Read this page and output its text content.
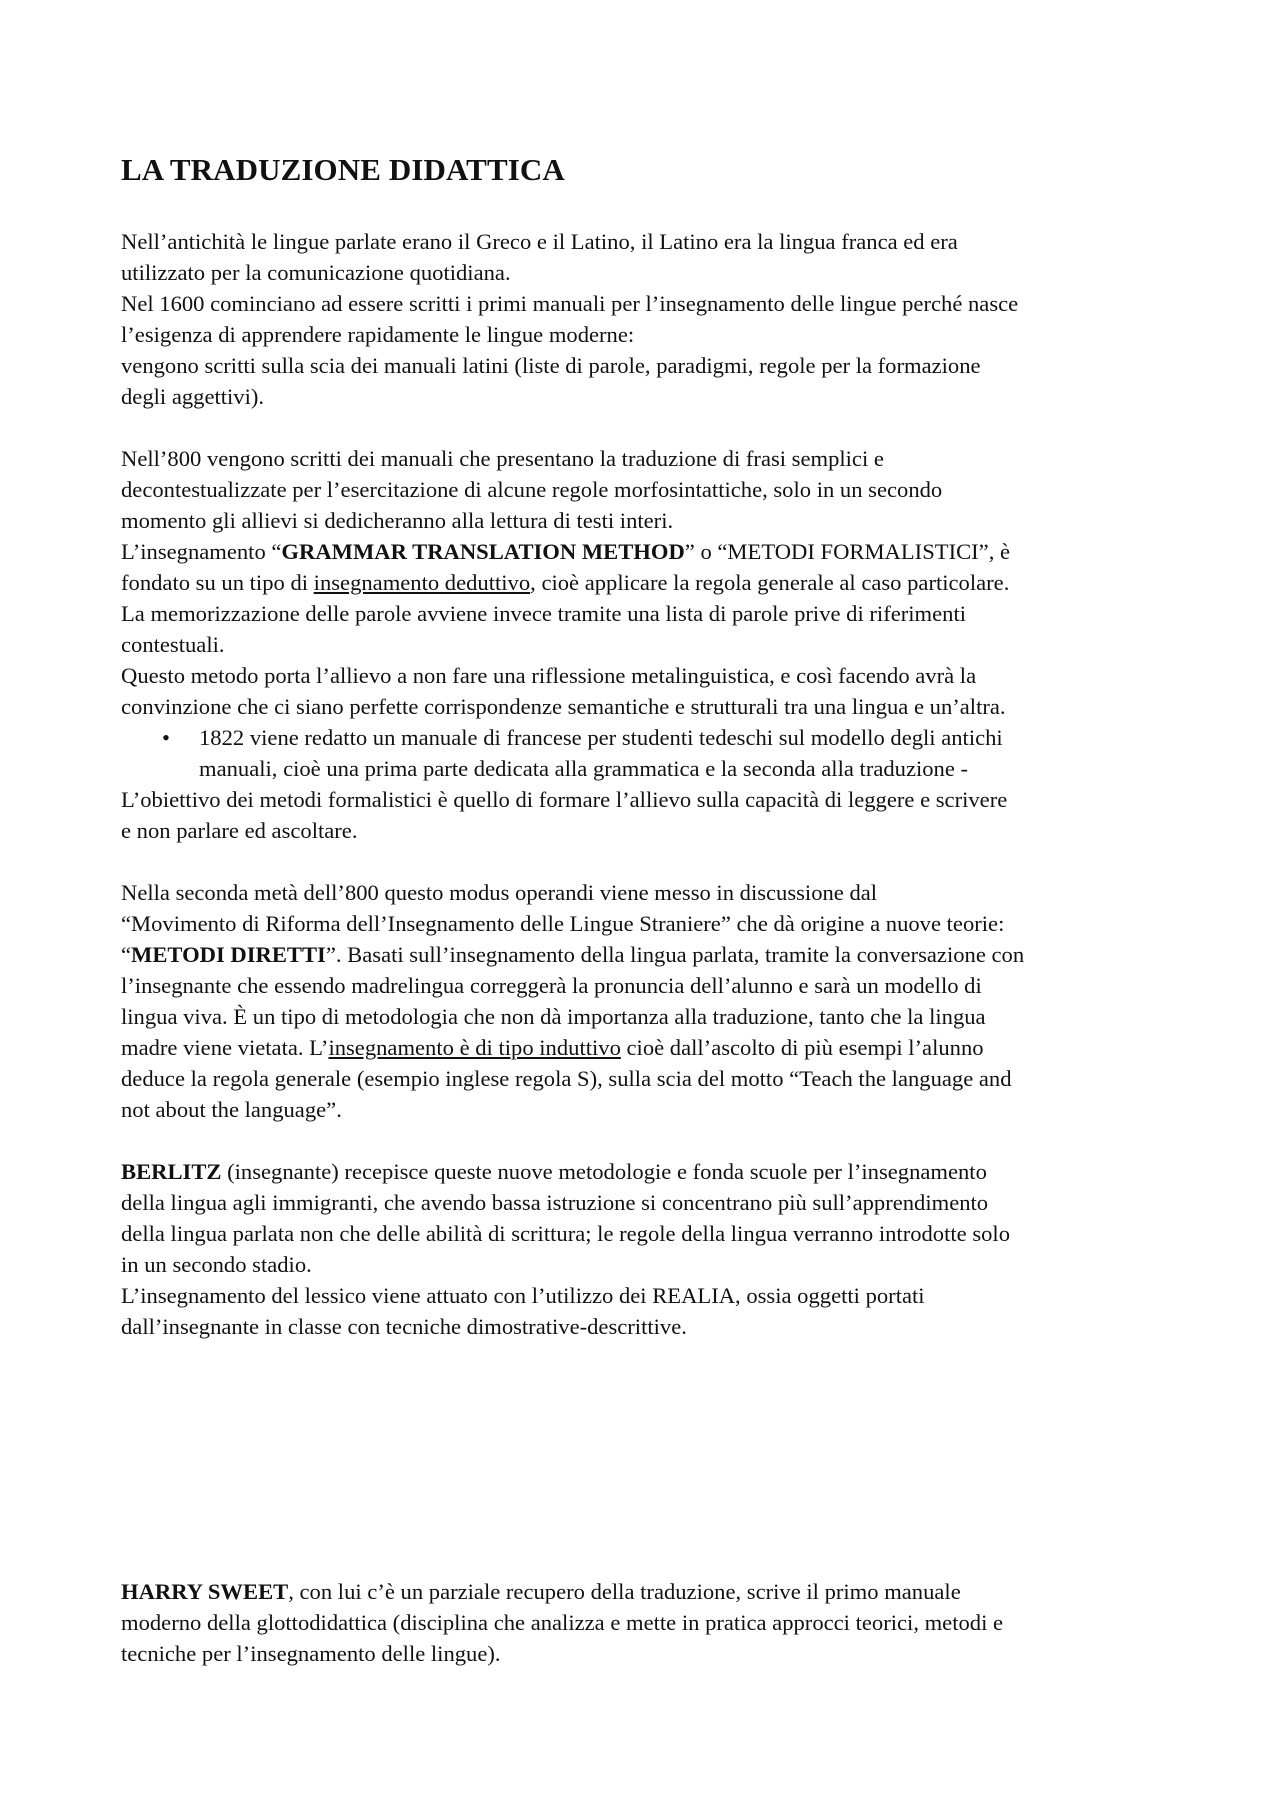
LA TRADUZIONE DIDATTICA
Nell’antichità le lingue parlate erano il Greco e il Latino, il Latino era la lingua franca ed era
utilizzato per la comunicazione quotidiana.
Nel 1600 cominciano ad essere scritti i primi manuali per l’insegnamento delle lingue perché nasce
l’esigenza di apprendere rapidamente le lingue moderne:
vengono scritti sulla scia dei manuali latini (liste di parole, paradigmi, regole per la formazione
degli aggettivi).
Nell’800 vengono scritti dei manuali che presentano la traduzione di frasi semplici e
decontestualizzate per l’esercitazione di alcune regole morfosintattiche, solo in un secondo
momento gli allievi si dedicheranno alla lettura di testi interi.
L’insegnamento “GRAMMAR TRANSLATION METHOD” o “METODI FORMALISTICI”, è
fondato su un tipo di insegnamento deduttivo, cioè applicare la regola generale al caso particolare.
La memorizzazione delle parole avviene invece tramite una lista di parole prive di riferimenti
contestuali.
Questo metodo porta l’allievo a non fare una riflessione metalinguistica, e così facendo avrà la
convinzione che ci siano perfette corrispondenze semantiche e strutturali tra una lingua e un’altra.
• 1822 viene redatto un manuale di francese per studenti tedeschi sul modello degli antichi
manuali, cioè una prima parte dedicata alla grammatica e la seconda alla traduzione -
L’obiettivo dei metodi formalistici è quello di formare l’allievo sulla capacità di leggere e scrivere
e non parlare ed ascoltare.
Nella seconda metà dell’800 questo modus operandi viene messo in discussione dal
“Movimento di Riforma dell’Insegnamento delle Lingue Straniere” che dà origine a nuove teorie:
“METODI DIRETTI”. Basati sull’insegnamento della lingua parlata, tramite la conversazione con
l’insegnante che essendo madrelingua correggerà la pronuncia dell’alunno e sarà un modello di
lingua viva. È un tipo di metodologia che non dà importanza alla traduzione, tanto che la lingua
madre viene vietata. L’insegnamento è di tipo induttivo cioè dall’ascolto di più esempi l’alunno
deduce la regola generale (esempio inglese regola S), sulla scia del motto “Teach the language and
not about the language”.
BERLITZ (insegnante) recepisce queste nuove metodologie e fonda scuole per l’insegnamento
della lingua agli immigranti, che avendo bassa istruzione si concentrano più sull’apprendimento
della lingua parlata non che delle abilità di scrittura; le regole della lingua verranno introdotte solo
in un secondo stadio.
L’insegnamento del lessico viene attuato con l’utilizzo dei REALIA, ossia oggetti portati
dall’insegnante in classe con tecniche dimostrative-descrittive.
HARRY SWEET, con lui c’è un parziale recupero della traduzione, scrive il primo manuale
moderno della glottodidattica (disciplina che analizza e mette in pratica approcci teorici, metodi e
tecniche per l’insegnamento delle lingue).
